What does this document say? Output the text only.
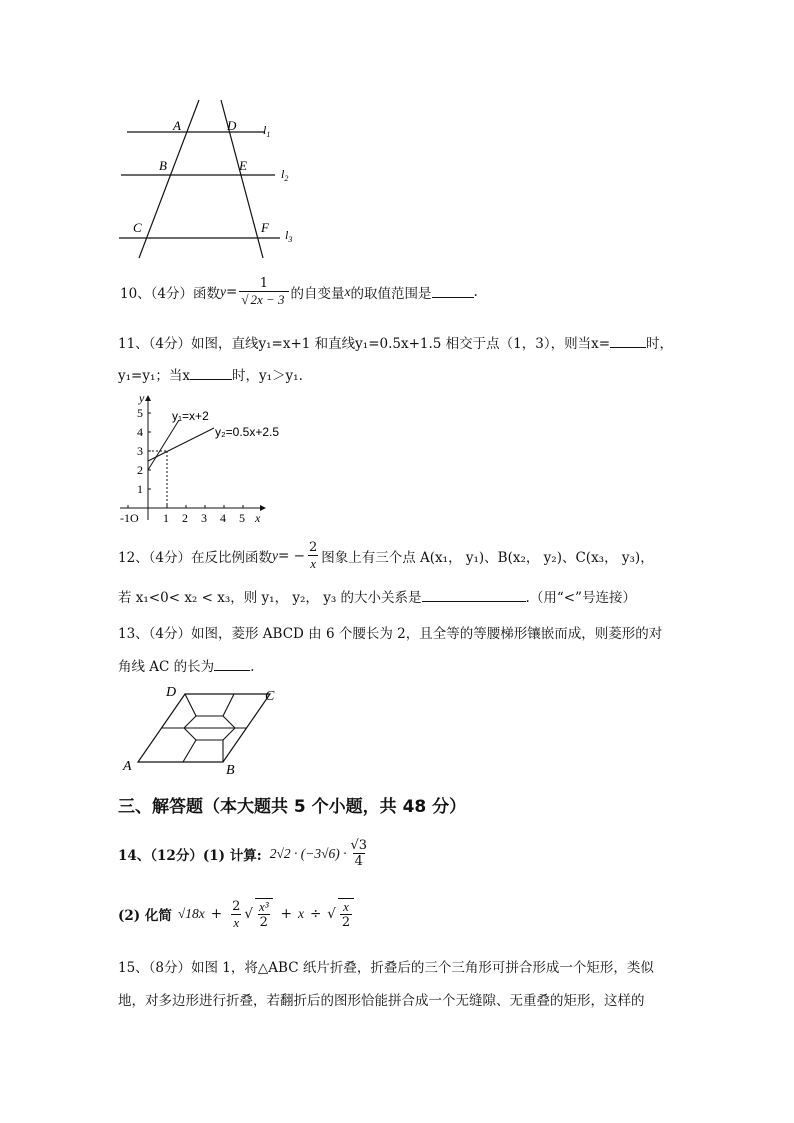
A	D
B	E
C	F
$l_1$
$l_2$
$l_3$
10、（4分）函数 $y = \frac{1}{√ 2x - 3}$ 的自变量 x 的取值范围是	.
11、（4分）如图，直线y₁=x+1 和直线y₁=0.5x+1.5 相交于点（1，3），则当x=	时，
y₁=y₁；当x	时，y₁＞y₁.
y
x
-1O
1
2
3
4
5
1 2 3 4 5
y₁=x+2
y₂=0.5x+2.5
12、（4分）在反比例函数 y = − $\frac{2}{x}$ 图象上有三个点 A(x₁， y₁)、B(x₂， y₂)、C(x₃， y₃)，
若 x₁<0< x₂ < x₃，则 y₁， y₂， y₃ 的大小关系是	.（用“<”号连接）
13、（4分）如图，菱形 ABCD 由 6 个腰长为 2，且全等的等腰梯形镶嵌而成，则菱形的对
角线 AC 的长为	.
D	C
A	B
三、解答题（本大题共 5 个小题，共 48 分）
14、（12分）(1) 计算: $2√2 \cdot (-3√6) \cdot \frac{√3}{4}$
(2) 化简 $√18x + \frac{2}{x}$ √ $\frac{\text{x³}}{2} + x$ ÷ √ $\frac{x}{2}$
15、（8分）如图 1，将△ABC 纸片折叠，折叠后的三个三角形可拼合形成一个矩形，类似
地，对多边形进行折叠，若翻折后的图形恰能拼合成一个无缝隙、无重叠的矩形，这样的
